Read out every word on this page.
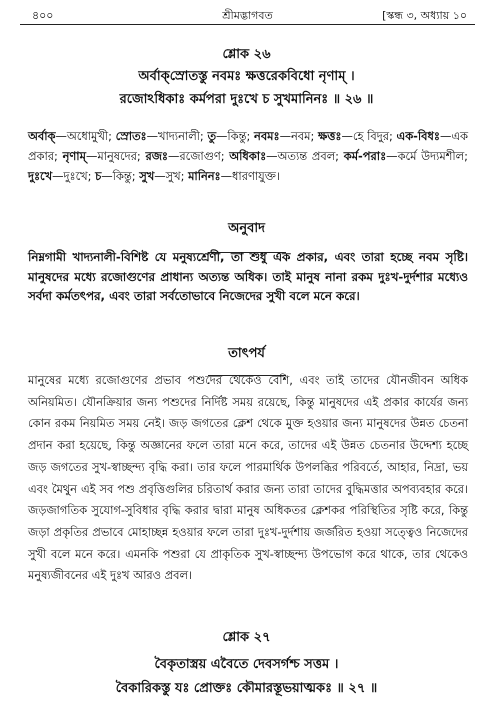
৪০০	শ্রীমদ্ভাগবত	[স্কন্ধ ৩, অধ্যায় ১০
শ্লোক ২৬
অর্বাক্‌স্রোতস্তু নবমঃ ক্ষত্তরেকবিধো নৃণাম্‌ ।
রজোঽধিকাঃ কর্মপরা দুঃখে চ সুখমানিনঃ ॥ ২৬ ॥
অর্বাক্‌—অধোমুখী; স্রোতঃ—খাদ্যনালী; তু—কিন্তু; নবমঃ—নবম; ক্ষত্তঃ—হে বিদুর; এক-বিধঃ—এক প্রকার; নৃণাম্‌—মানুষদের; রজঃ—রজোগুণ; অধিকাঃ—অত্যন্ত প্রবল; কর্ম-পরাঃ—কর্মে উদ্যমশীল; দুঃখে—দুঃখে; চ—কিন্তু; সুখ—সুখ; মানিনঃ—ধারণাযুক্ত।
অনুবাদ
নিম্নগামী খাদ্যনালী-বিশিষ্ট যে মনুষ্যশ্রেণী, তা শুধু এক প্রকার, এবং তারা হচ্ছে নবম সৃষ্টি। মানুষদের মধ্যে রজোগুণের প্রাধান্য অত্যন্ত অধিক। তাই মানুষ নানা রকম দুঃখ-দুর্দশার মধ্যেও সর্বদা কর্মতৎপর, এবং তারা সর্বতোভাবে নিজেদের সুখী বলে মনে করে।
তাৎপর্য
মানুষের মধ্যে রজোগুণের প্রভাব পশুদের থেকেও বেশি, এবং তাই তাদের যৌনজীবন অধিক অনিয়মিত। যৌনক্রিয়ার জন্য পশুদের নির্দিষ্ট সময় রয়েছে, কিন্তু মানুষদের এই প্রকার কার্যের জন্য কোন রকম নিয়মিত সময় নেই। জড় জগতের ক্লেশ থেকে মুক্ত হওয়ার জন্য মানুষদের উন্নত চেতনা প্রদান করা হয়েছে, কিন্তু অজ্ঞানের ফলে তারা মনে করে, তাদের এই উন্নত চেতনার উদ্দেশ্য হচ্ছে জড় জগতের সুখ-স্বাচ্ছন্দ্য বৃদ্ধি করা। তার ফলে পারমার্থিক উপলব্ধির পরিবর্তে, আহার, নিদ্রা, ভয় এবং মৈথুন এই সব পশু প্রবৃত্তিগুলির চরিতার্থ করার জন্য তারা তাদের বুদ্ধিমত্তার অপব্যবহার করে। জড়জাগতিক সুযোগ-সুবিধার বৃদ্ধি করার দ্বারা মানুষ অধিকতর ক্লেশকর পরিস্থিতির সৃষ্টি করে, কিন্তু জড়া প্রকৃতির প্রভাবে মোহাচ্ছন্ন হওয়ার ফলে তারা দুঃখ-দুর্দশায় জর্জরিত হওয়া সত্ত্বেও নিজেদের সুখী বলে মনে করে। এমনকি পশুরা যে প্রাকৃতিক সুখ-স্বাচ্ছন্দ্য উপভোগ করে থাকে, তার থেকেও মনুষ্যজীবনের এই দুঃখ আরও প্রবল।
শ্লোক ২৭
বৈকৃতাস্ত্রয় এবৈতে দেবসর্গশ্চ সত্তম ।
বৈকারিকস্তু যঃ প্রোক্তঃ কৌমারস্তূভয়াত্মকঃ ॥ ২৭ ॥
